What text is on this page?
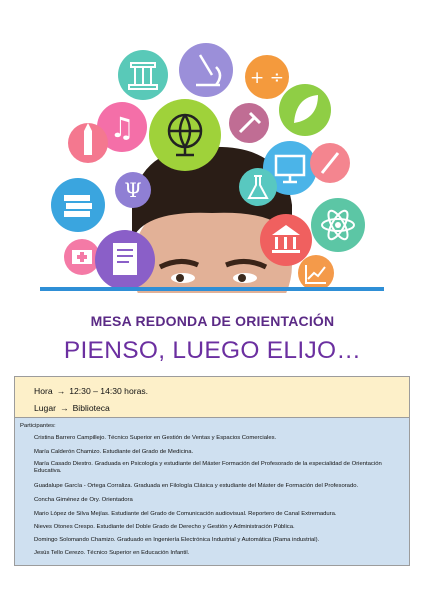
+ ÷
♫
Ψ
MESA REDONDA DE ORIENTACIÓN
PIENSO, LUEGO ELIJO…
Hora → 12:30 – 14:30 horas.
Lugar → Biblioteca
Participantes:
Cristina Barrero Campillejo. Técnico Superior en Gestión de Ventas y Espacios Comerciales.
María Calderón Chamizo. Estudiante del Grado de Medicina.
María Casado Diestro. Graduada en Psicología y estudiante del Máster Formación del Profesorado de la especialidad de Orientación Educativa.
Guadalupe García - Ortega Corraliza. Graduada en Filología Clásica y estudiante del Máster de Formación del Profesorado.
Concha Giménez de Ory. Orientadora
Mario López de Silva Mejías. Estudiante del Grado de Comunicación audiovisual. Reportero de Canal Extremadura.
Nieves Otones Crespo. Estudiante del Doble Grado de Derecho y Gestión y Administración Pública.
Domingo Solomando Chamizo. Graduado en Ingeniería Electrónica Industrial y Automática (Rama industrial).
Jesús Tello Cerezo. Técnico Superior en Educación Infantil.
